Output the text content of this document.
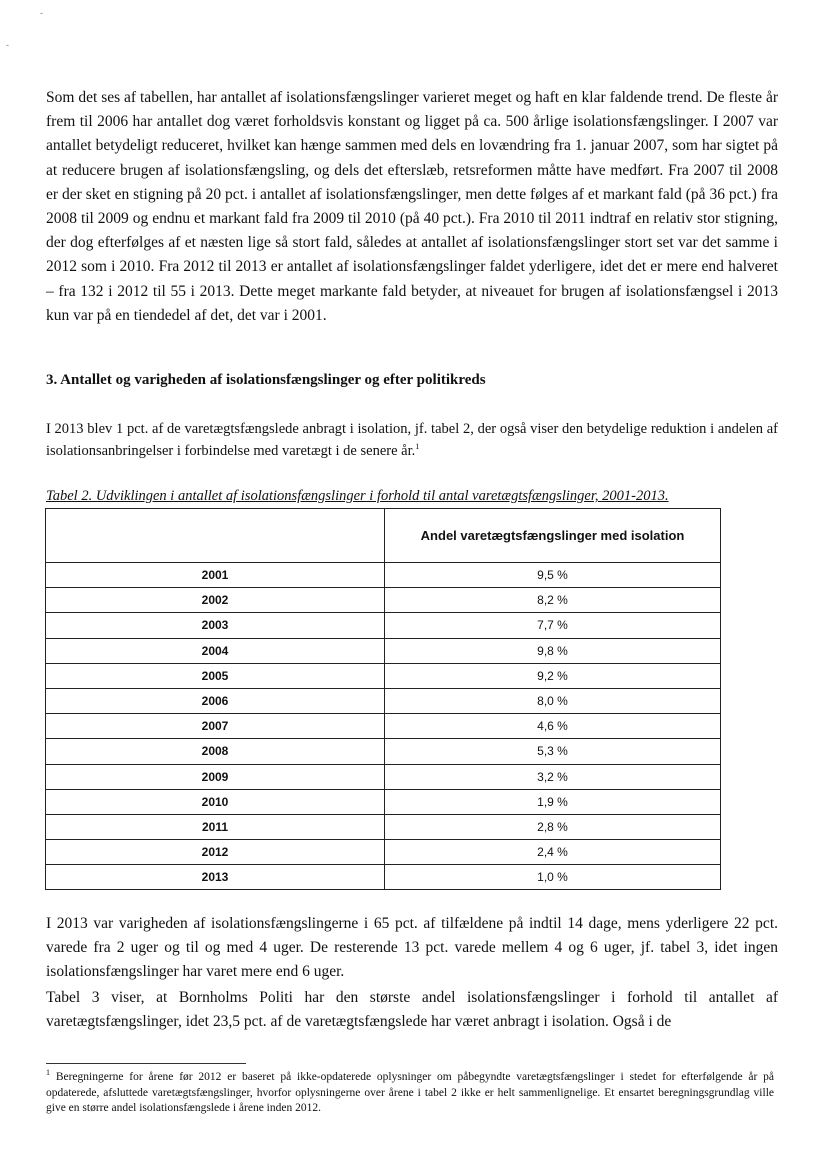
-
-

Som det ses af tabellen, har antallet af isolationsfængslinger varieret meget og haft en klar faldende trend. De fleste år frem til 2006 har antallet dog været forholdsvis konstant og ligget på ca. 500 årlige isolationsfængslinger. I 2007 var antallet betydeligt reduceret, hvilket kan hænge sammen med dels en lovændring fra 1. januar 2007, som har sigtet på at reducere brugen af isolationsfængsling, og dels det efterslæb, retsreformen måtte have medført. Fra 2007 til 2008 er der sket en stigning på 20 pct. i antallet af isolationsfængslinger, men dette følges af et markant fald (på 36 pct.) fra 2008 til 2009 og endnu et markant fald fra 2009 til 2010 (på 40 pct.). Fra 2010 til 2011 indtraf en relativ stor stigning, der dog efterfølges af et næsten lige så stort fald, således at antallet af isolationsfængslinger stort set var det samme i 2012 som i 2010. Fra 2012 til 2013 er antallet af isolationsfængslinger faldet yderligere, idet det er mere end halveret – fra 132 i 2012 til 55 i 2013. Dette meget markante fald betyder, at niveauet for brugen af isolationsfængsel i 2013 kun var på en tiendedel af det, det var i 2001.

3. Antallet og varigheden af isolationsfængslinger og efter politikreds

I 2013 blev 1 pct. af de varetægtsfængslede anbragt i isolation, jf. tabel 2, der også viser den betydelige reduktion i andelen af isolationsanbringelser i forbindelse med varetægt i de senere år.$^1$

Tabel 2. Udviklingen i antallet af isolationsfængslinger i forhold til antal varetægtsfængslinger, 2001-2013.

	Andel varetægtsfængslinger med isolation
2001	9,5 %
2002	8,2 %
2003	7,7 %
2004	9,8 %
2005	9,2 %
2006	8,0 %
2007	4,6 %
2008	5,3 %
2009	3,2 %
2010	1,9 %
2011	2,8 %
2012	2,4 %
2013	1,0 %

I 2013 var varigheden af isolationsfængslingerne i 65 pct. af tilfældene på indtil 14 dage, mens yderligere 22 pct. varede fra 2 uger og til og med 4 uger. De resterende 13 pct. varede mellem 4 og 6 uger, jf. tabel 3, idet ingen isolationsfængslinger har varet mere end 6 uger.

Tabel 3 viser, at Bornholms Politi har den største andel isolationsfængslinger i forhold til antallet af varetægtsfængslinger, idet 23,5 pct. af de varetægtsfængslede har været anbragt i isolation. Også i de

$^1$ Beregningerne for årene før 2012 er baseret på ikke-opdaterede oplysninger om påbegyndte varetægtsfængslinger i stedet for efterfølgende år på opdaterede, afsluttede varetægtsfængslinger, hvorfor oplysningerne over årene i tabel 2 ikke er helt sammenlignelige. Et ensartet beregningsgrundlag ville give en større andel isolationsfængslede i årene inden 2012.
